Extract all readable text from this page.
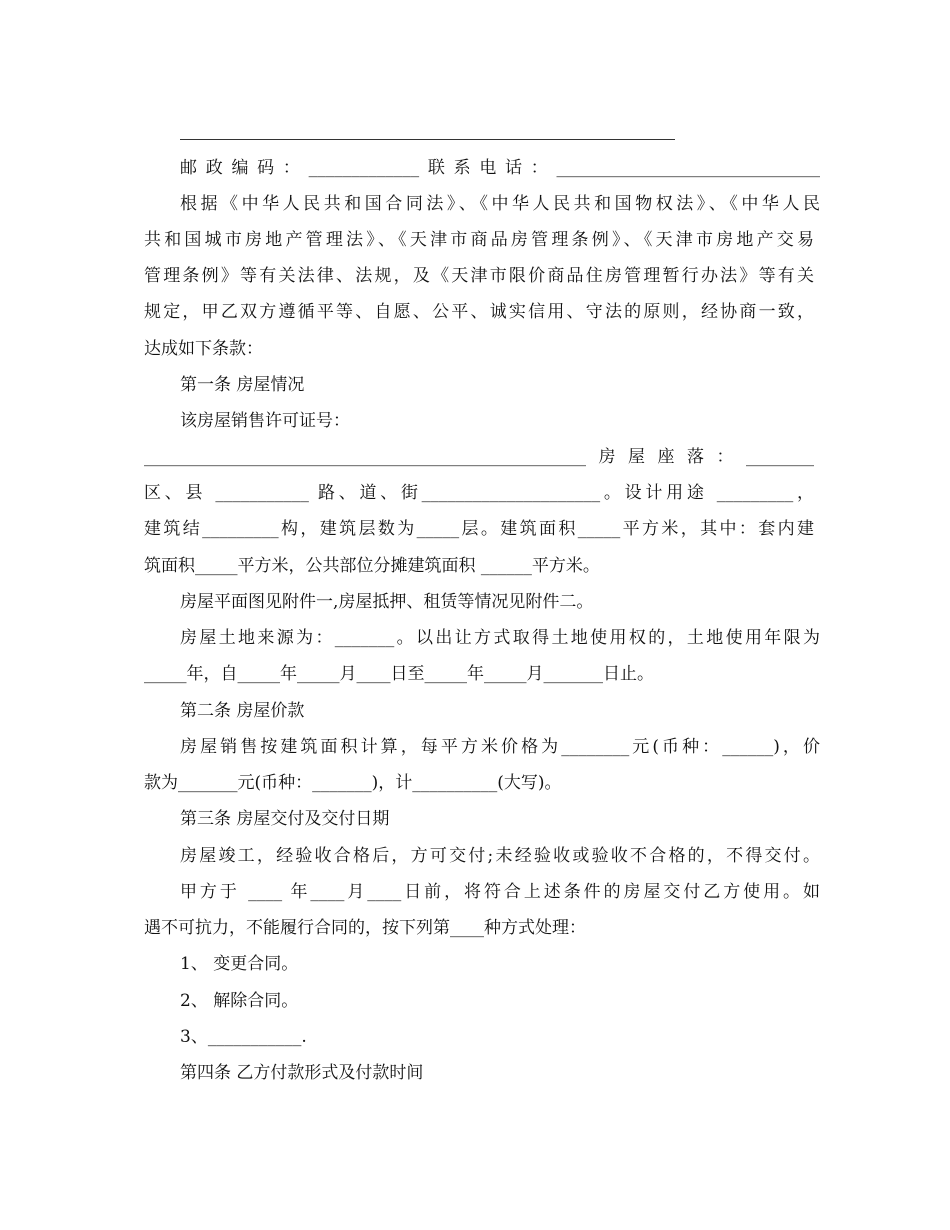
邮政编码：_____________联系电话：_______________________________
根据《中华人民共和国合同法》、《中华人民共和国物权法》、《中华人民
共和国城市房地产管理法》、《天津市商品房管理条例》、《天津市房地产交易
管理条例》等有关法律、法规，及《天津市限价商品住房管理暂行办法》等有关
规定，甲乙双方遵循平等、自愿、公平、诚实信用、守法的原则，经协商一致，
达成如下条款：
第一条 房屋情况
该房屋销售许可证号：
____________________________________________________房屋座落：________
区、县 ___________ 路、道、街_____________________。设计用途 _________，
建筑结_________构，建筑层数为_____层。建筑面积_____平方米，其中：套内建
筑面积_____平方米，公共部位分摊建筑面积 ______平方米。
房屋平面图见附件一,房屋抵押、租赁等情况见附件二。
房屋土地来源为：_______。以出让方式取得土地使用权的，土地使用年限为
_____年，自_____年_____月____日至_____年_____月_______日止。
第二条 房屋价款
房屋销售按建筑面积计算，每平方米价格为________元(币种：______)，价
款为_______元(币种：_______)，计__________(大写)。
第三条 房屋交付及交付日期
房屋竣工，经验收合格后，方可交付;未经验收或验收不合格的，不得交付。
甲方于 ____ 年____月____日前，将符合上述条件的房屋交付乙方使用。如
遇不可抗力，不能履行合同的，按下列第____种方式处理：
1、 变更合同。
2、 解除合同。
3、___________.
第四条 乙方付款形式及付款时间
